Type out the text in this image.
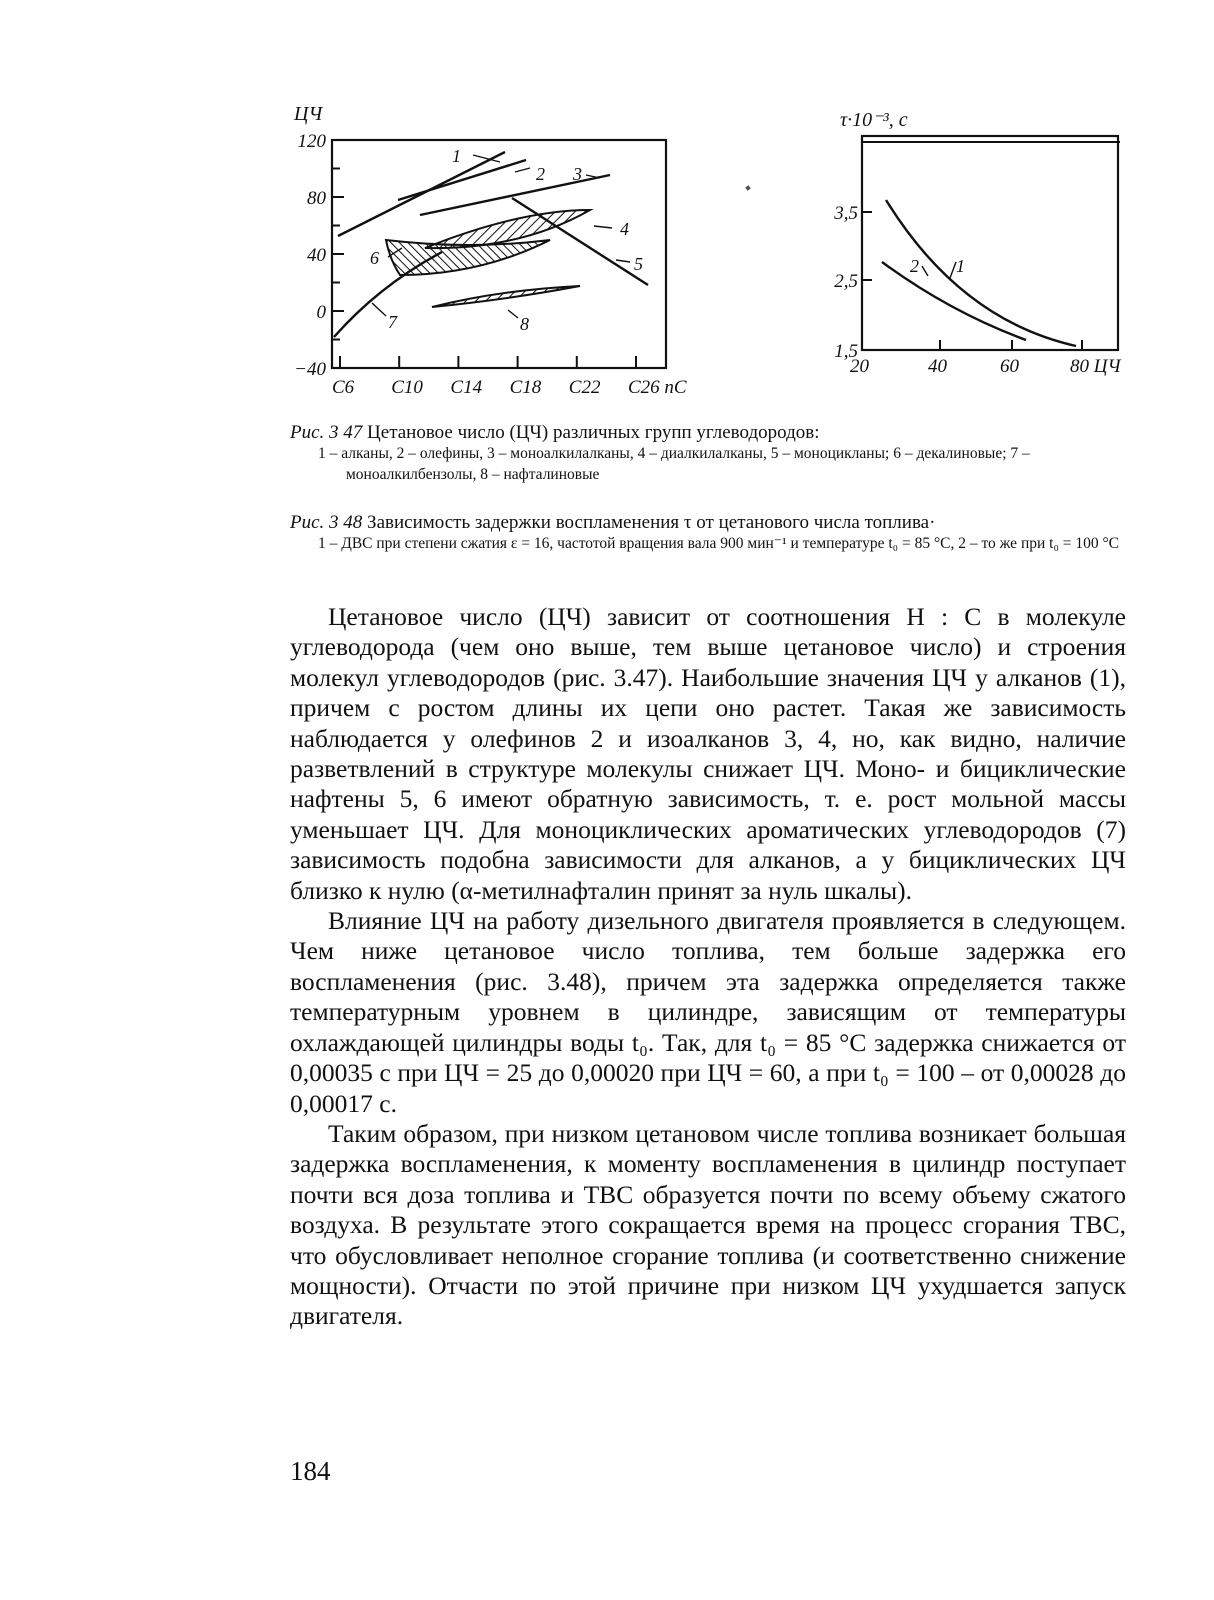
ЦЧ
120
80
40
0
−40
C6 C10 C14 C18 C22 C26 nC
1
2 3
4
5
6
7	8
τ·10⁻³, с
3,5
2,5
1,5
20	40	60	80 ЦЧ
1
2
Рис. 3 47 Цетановое число (ЦЧ) различных групп углеводородов:
1 – алканы, 2 – олефины, 3 – моноалкилалканы, 4 – диалкилалканы, 5 – моноцикланы; 6 – декалиновые; 7 – моноалкилбензолы, 8 – нафталиновые
Рис. 3 48 Зависимость задержки воспламенения τ от цетанового числа топлива·
1 – ДВС при степени сжатия ε = 16, частотой вращения вала 900 мин⁻¹ и температуре t₀ = 85 °С, 2 – то же при t₀ = 100 °С

Цетановое число (ЦЧ) зависит от соотношения Н : С в молекуле углеводорода (чем оно выше, тем выше цетановое число) и строения молекул углеводородов (рис. 3.47). Наибольшие значения ЦЧ у алканов (1), причем с ростом длины их цепи оно растет. Такая же зависимость наблюдается у олефинов 2 и изоалканов 3, 4, но, как видно, наличие разветвлений в структуре молекулы снижает ЦЧ. Моно- и бициклические нафтены 5, 6 имеют обратную зависимость, т. е. рост мольной массы уменьшает ЦЧ. Для моноциклических ароматических углеводородов (7) зависимость подобна зависимости для алканов, а у бициклических ЦЧ близко к нулю (α-метилнафталин принят за нуль шкалы).

Влияние ЦЧ на работу дизельного двигателя проявляется в следующем. Чем ниже цетановое число топлива, тем больше задержка его воспламенения (рис. 3.48), причем эта задержка определяется также температурным уровнем в цилиндре, зависящим от температуры охлаждающей цилиндры воды t₀. Так, для t₀ = 85 °С задержка снижается от 0,00035 с при ЦЧ = 25 до 0,00020 при ЦЧ = 60, а при t₀ = 100 – от 0,00028 до 0,00017 с.

Таким образом, при низком цетановом числе топлива возникает большая задержка воспламенения, к моменту воспламенения в цилиндр поступает почти вся доза топлива и ТВС образуется почти по всему объему сжатого воздуха. В результате этого сокращается время на процесс сгорания ТВС, что обусловливает неполное сгорание топлива (и соответственно снижение мощности). Отчасти по этой причине при низком ЦЧ ухудшается запуск двигателя.

184
